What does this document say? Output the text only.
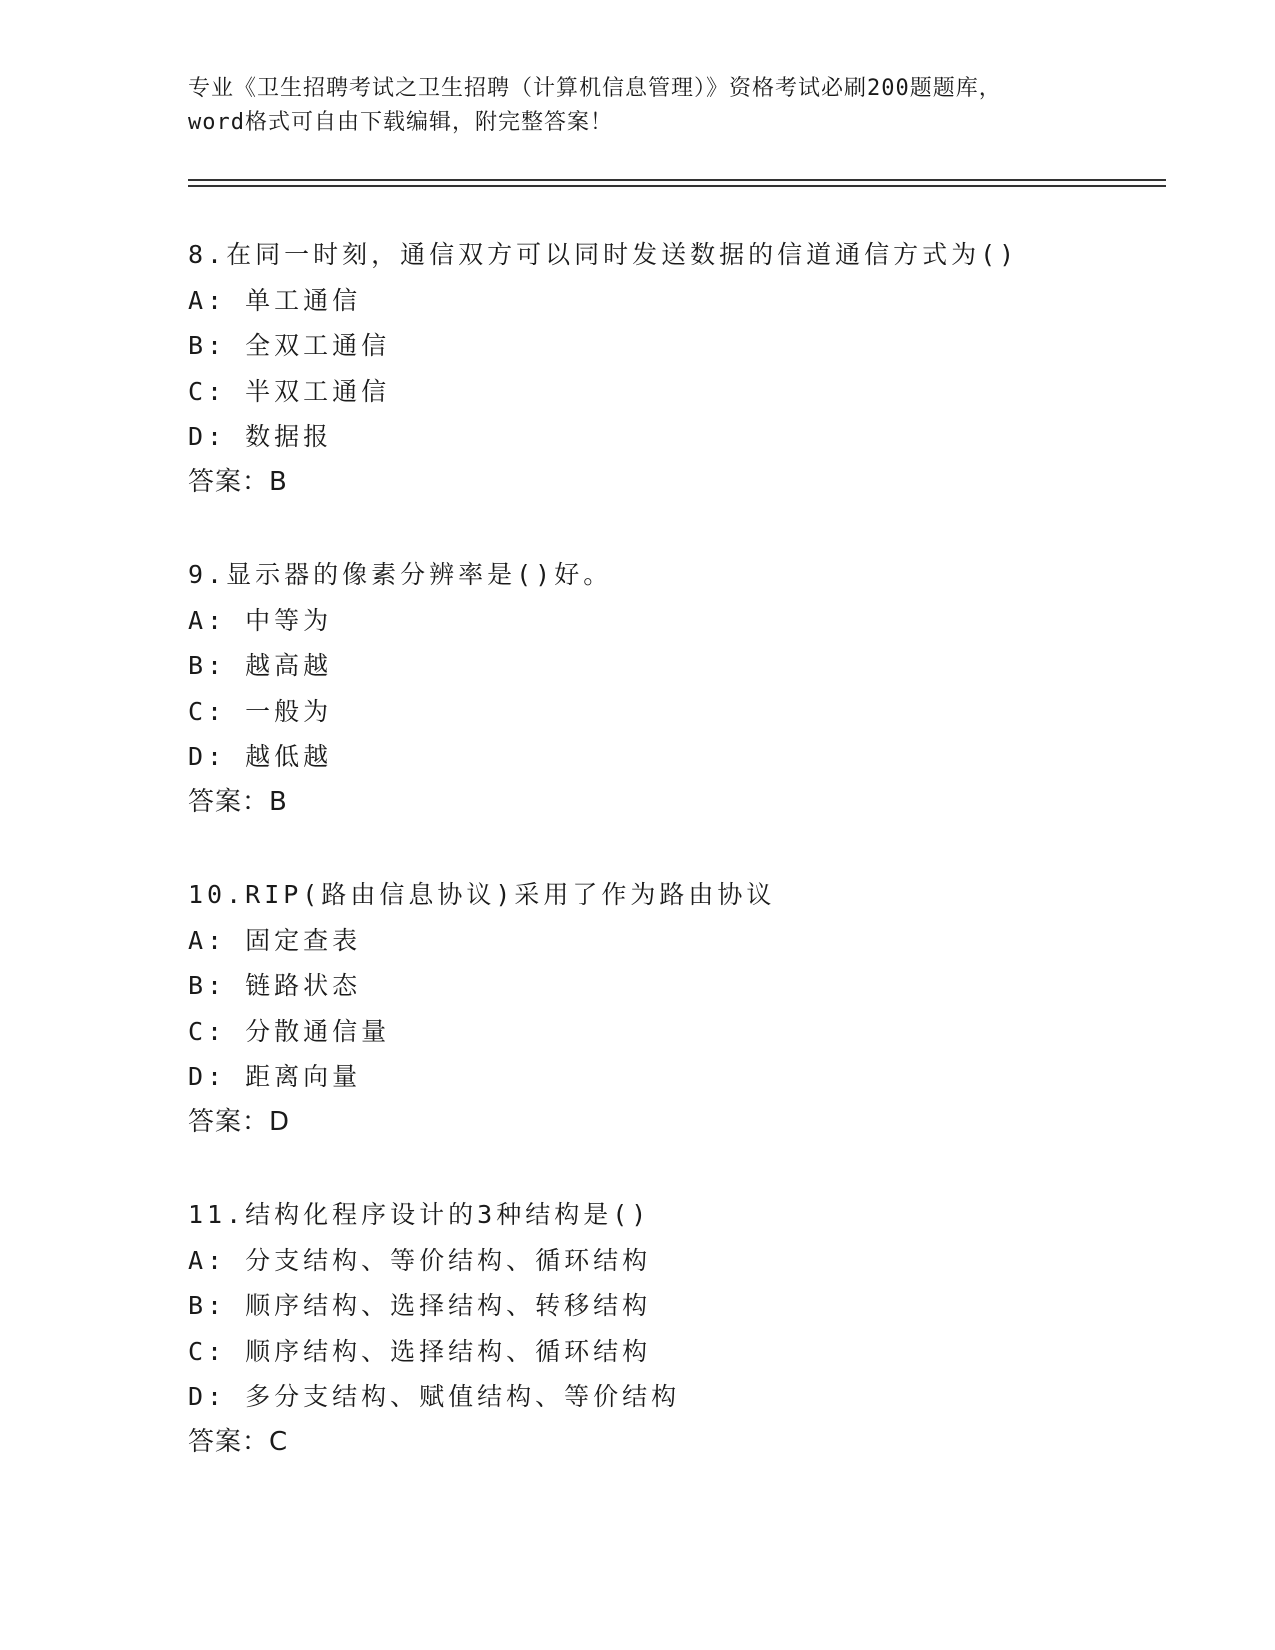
专业《卫生招聘考试之卫生招聘（计算机信息管理）》资格考试必刷200题题库，
word格式可自由下载编辑，附完整答案！
8.在同一时刻，通信双方可以同时发送数据的信道通信方式为()
A: 单工通信
B: 全双工通信
C: 半双工通信
D: 数据报
答案：B
9.显示器的像素分辨率是()好。
A: 中等为
B: 越高越
C: 一般为
D: 越低越
答案：B
10.RIP(路由信息协议)采用了作为路由协议
A: 固定查表
B: 链路状态
C: 分散通信量
D: 距离向量
答案：D
11.结构化程序设计的3种结构是()
A: 分支结构、等价结构、循环结构
B: 顺序结构、选择结构、转移结构
C: 顺序结构、选择结构、循环结构
D: 多分支结构、赋值结构、等价结构
答案：C
